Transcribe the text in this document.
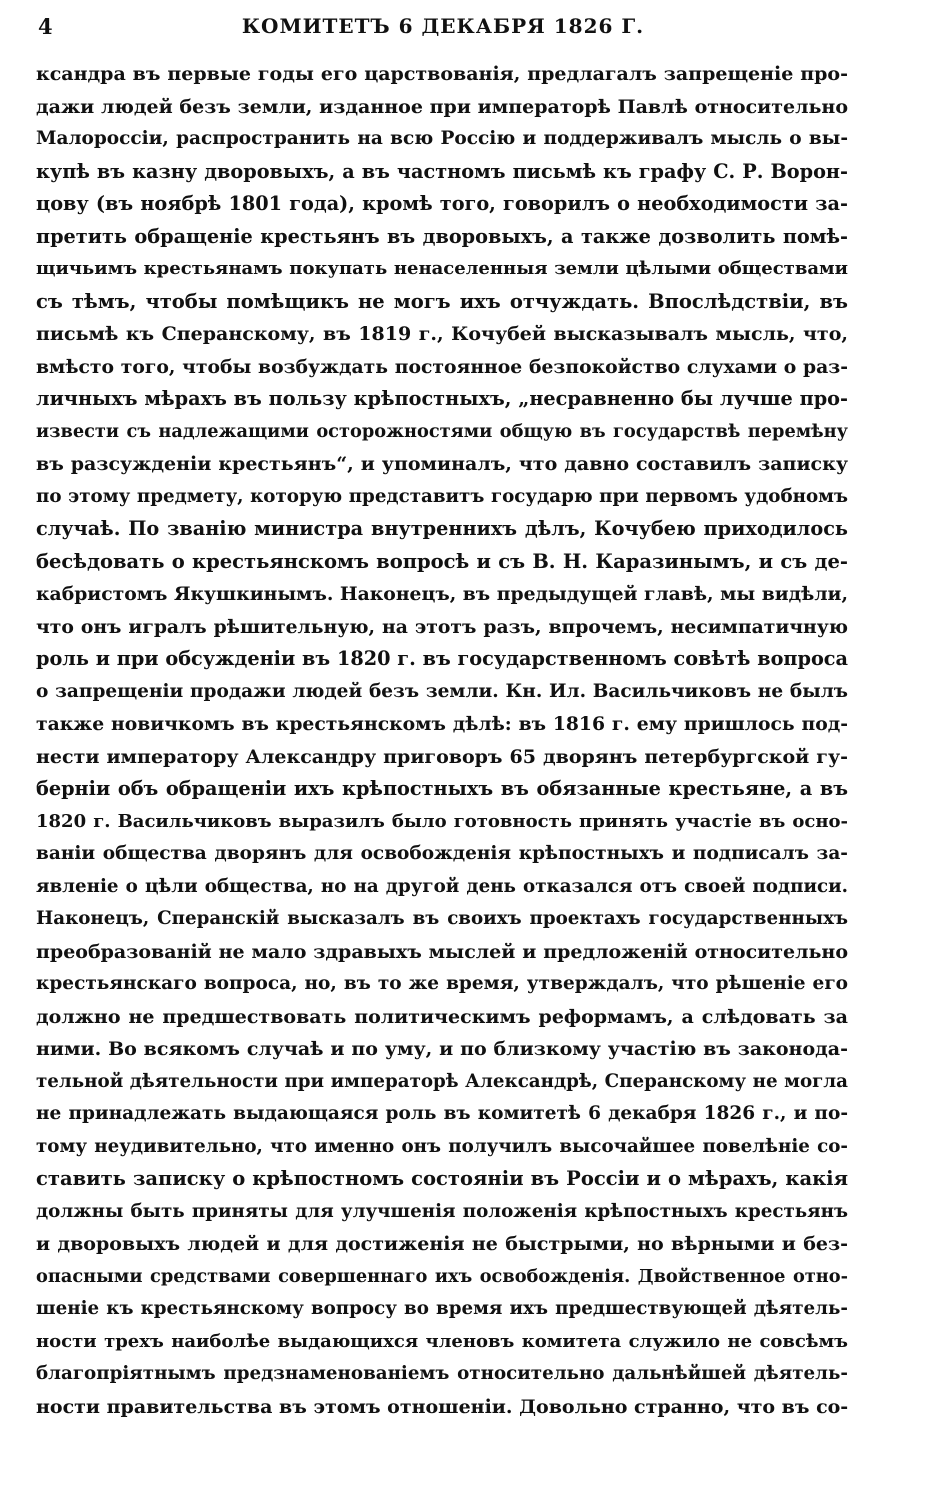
4	КОМИТЕТЪ 6 ДЕКАБРЯ 1826 Г.
ксандра въ первые годы его царствованія, предлагалъ запрещеніе про-
дажи людей безъ земли, изданное при императорѣ Павлѣ относительно
Малороссіи, распространить на всю Россію и поддерживалъ мысль о вы-
купѣ въ казну дворовыхъ, а въ частномъ письмѣ къ графу С. Р. Ворон-
цову (въ ноябрѣ 1801 года), кромѣ того, говорилъ о необходимости за-
претить обращеніе крестьянъ въ дворовыхъ, а также дозволить помѣ-
щичьимъ крестьянамъ покупать ненаселенныя земли цѣлыми обществами
съ тѣмъ, чтобы помѣщикъ не могъ ихъ отчуждать. Впослѣдствіи, въ
письмѣ къ Сперанскому, въ 1819 г., Кочубей высказывалъ мысль, что,
вмѣсто того, чтобы возбуждать постоянное безпокойство слухами о раз-
личныхъ мѣрахъ въ пользу крѣпостныхъ, „несравненно бы лучше про-
извести съ надлежащими осторожностями общую въ государствѣ перемѣну
въ разсужденіи крестьянъ“, и упоминалъ, что давно составилъ записку
по этому предмету, которую представитъ государю при первомъ удобномъ
случаѣ. По званію министра внутреннихъ дѣлъ, Кочубею приходилось
бесѣдовать о крестьянскомъ вопросѣ и съ В. Н. Каразинымъ, и съ де-
кабристомъ Якушкинымъ. Наконецъ, въ предыдущей главѣ, мы видѣли,
что онъ игралъ рѣшительную, на этотъ разъ, впрочемъ, несимпатичную
роль и при обсужденіи въ 1820 г. въ государственномъ совѣтѣ вопроса
о запрещеніи продажи людей безъ земли. Кн. Ил. Васильчиковъ не былъ
также новичкомъ въ крестьянскомъ дѣлѣ: въ 1816 г. ему пришлось под-
нести императору Александру приговоръ 65 дворянъ петербургской гу-
берніи объ обращеніи ихъ крѣпостныхъ въ обязанные крестьяне, а въ
1820 г. Васильчиковъ выразилъ было готовность принять участіе въ осно-
ваніи общества дворянъ для освобожденія крѣпостныхъ и подписалъ за-
явленіе о цѣли общества, но на другой день отказался отъ своей подписи.
Наконецъ, Сперанскій высказалъ въ своихъ проектахъ государственныхъ
преобразованій не мало здравыхъ мыслей и предложеній относительно
крестьянскаго вопроса, но, въ то же время, утверждалъ, что рѣшеніе его
должно не предшествовать политическимъ реформамъ, а слѣдовать за
ними. Во всякомъ случаѣ и по уму, и по близкому участію въ законода-
тельной дѣятельности при императорѣ Александрѣ, Сперанскому не могла
не принадлежать выдающаяся роль въ комитетѣ 6 декабря 1826 г., и по-
тому неудивительно, что именно онъ получилъ высочайшее повелѣніе со-
ставить записку о крѣпостномъ состояніи въ Россіи и о мѣрахъ, какія
должны быть приняты для улучшенія положенія крѣпостныхъ крестьянъ
и дворовыхъ людей и для достиженія не быстрыми, но вѣрными и без-
опасными средствами совершеннаго ихъ освобожденія. Двойственное отно-
шеніе къ крестьянскому вопросу во время ихъ предшествующей дѣятель-
ности трехъ наиболѣе выдающихся членовъ комитета служило не совсѣмъ
благопріятнымъ предзнаменованіемъ относительно дальнѣйшей дѣятель-
ности правительства въ этомъ отношеніи. Довольно странно, что въ со-
